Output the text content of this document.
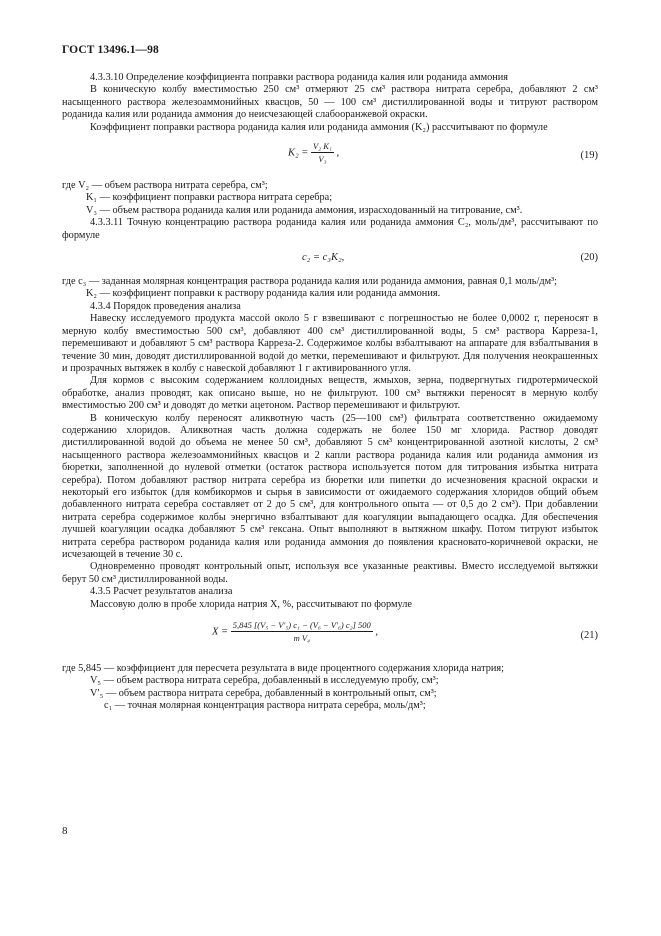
ГОСТ 13496.1—98

4.3.3.10 Определение коэффициента поправки раствора роданида калия или роданида аммония

В коническую колбу вместимостью 250 см³ отмеряют 25 см³ раствора нитрата серебра, добавляют 2 см³ насыщенного раствора железоаммонийных квасцов, 50 — 100 см³ дистиллированной воды и титруют раствором роданида калия или роданида аммония до неисчезающей слабооранжевой окраски.

Коэффициент поправки раствора роданида калия или роданида аммония (K₂) рассчитывают по формуле

$K_2 = \frac{\text{V₂ K₁}}{\text{V₃}}$ ,	(19)

где V₂ — объем раствора нитрата серебра, см³;

K₁ — коэффициент поправки раствора нитрата серебра;

V₃ — объем раствора роданида калия или роданида аммония, израсходованный на титрование, см³.

4.3.3.11 Точную концентрацию раствора роданида калия или роданида аммония C₂, моль/дм³, рассчитывают по формуле

c₂ = c₃K₂,	(20)

где c₃ — заданная молярная концентрация раствора роданида калия или роданида аммония, равная 0,1 моль/дм³;

K₂ — коэффициент поправки к раствору роданида калия или роданида аммония.

4.3.4 Порядок проведения анализа

Навеску исследуемого продукта массой около 5 г взвешивают с погрешностью не более 0,0002 г, переносят в мерную колбу вместимостью 500 см³, добавляют 400 см³ дистиллированной воды, 5 см³ раствора Карреза-1, перемешивают и добавляют 5 см³ раствора Карреза-2. Содержимое колбы взбалтывают на аппарате для взбалтывания в течение 30 мин, доводят дистиллированной водой до метки, перемешивают и фильтруют. Для получения неокрашенных и прозрачных вытяжек в колбу с навеской добавляют 1 г активированного угля.

Для кормов с высоким содержанием коллоидных веществ, жмыхов, зерна, подвергнутых гидротермической обработке, анализ проводят, как описано выше, но не фильтруют. 100 см³ вытяжки переносят в мерную колбу вместимостью 200 см³ и доводят до метки ацетоном. Раствор перемешивают и фильтруют.

В коническую колбу переносят аликвотную часть (25—100 см³) фильтрата соответственно ожидаемому содержанию хлоридов. Аликвотная часть должна содержать не более 150 мг хлорида. Раствор доводят дистиллированной водой до объема не менее 50 см³, добавляют 5 см³ концентрированной азотной кислоты, 2 см³ насыщенного раствора железоаммонийных квасцов и 2 капли раствора роданида калия или роданида аммония из бюретки, заполненной до нулевой отметки (остаток раствора используется потом для титрования избытка нитрата серебра). Потом добавляют раствор нитрата серебра из бюретки или пипетки до исчезновения красной окраски и некоторый его избыток (для комбикормов и сырья в зависимости от ожидаемого содержания хлоридов общий объем добавленного нитрата серебра составляет от 2 до 5 см³, для контрольного опыта — от 0,5 до 2 см³). При добавлении нитрата серебра содержимое колбы энергично взбалтывают для коагуляции выпадающего осадка. Для обеспечения лучшей коагуляции осадка добавляют 5 см³ гексана. Опыт выполняют в вытяжном шкафу. Потом титруют избыток нитрата серебра раствором роданида калия или роданида аммония до появления красновато-коричневой окраски, не исчезающей в течение 30 с.

Одновременно проводят контрольный опыт, используя все указанные реактивы. Вместо исследуемой вытяжки берут 50 см³ дистиллированной воды.

4.3.5 Расчет результатов анализа

Массовую долю в пробе хлорида натрия X, %, рассчитывают по формуле

$X = \frac{\text{5,845 [(V₅ − V′₅) c₁ − (V₆ − V′₆) c₂] 500}}{\text{m V₄}}$ ,	(21)

где 5,845 — коэффициент для пересчета результата в виде процентного содержания хлорида натрия;

V₅ — объем раствора нитрата серебра, добавленный в исследуемую пробу, см³;

V′₅ — объем раствора нитрата серебра, добавленный в контрольный опыт, см³;

c₁ — точная молярная концентрация раствора нитрата серебра, моль/дм³;

8
